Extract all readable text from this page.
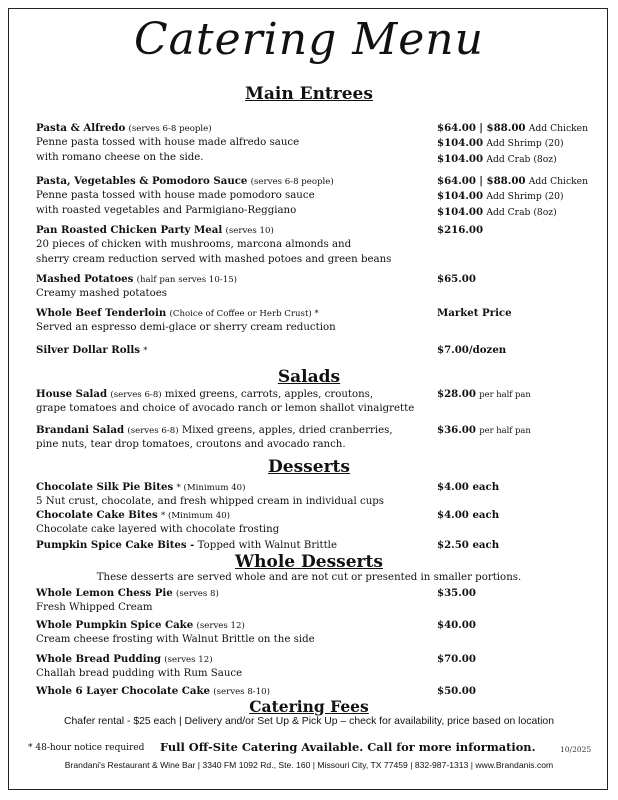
Catering Menu
Main Entrees
Pasta & Alfredo (serves 6-8 people)
Penne pasta tossed with house made alfredo sauce
with romano cheese on the side.
$64.00 | $88.00 Add Chicken
$104.00 Add Shrimp (20)
$104.00 Add Crab (8oz)
Pasta, Vegetables & Pomodoro Sauce (serves 6-8 people)
Penne pasta tossed with house made pomodoro sauce
with roasted vegetables and Parmigiano-Reggiano
$64.00 | $88.00 Add Chicken
$104.00 Add Shrimp (20)
$104.00 Add Crab (8oz)
Pan Roasted Chicken Party Meal (serves 10)
20 pieces of chicken with mushrooms, marcona almonds and
sherry cream reduction served with mashed potoes and green beans
$216.00
Mashed Potatoes (half pan serves 10-15)
Creamy mashed potatoes
$65.00
Whole Beef Tenderloin (Choice of Coffee or Herb Crust) *
Served an espresso demi-glace or sherry cream reduction
Market Price
Silver Dollar Rolls *	$7.00/dozen
Salads
House Salad (serves 6-8) mixed greens, carrots, apples, croutons,
grape tomatoes and choice of avocado ranch or lemon shallot vinaigrette
$28.00 per half pan
Brandani Salad (serves 6-8) Mixed greens, apples, dried cranberries,
pine nuts, tear drop tomatoes, croutons and avocado ranch.
$36.00 per half pan
Desserts
Chocolate Silk Pie Bites * (Minimum 40)
5 Nut crust, chocolate, and fresh whipped cream in individual cups
$4.00 each
Chocolate Cake Bites * (Minimum 40)
Chocolate cake layered with chocolate frosting
$4.00 each
Pumpkin Spice Cake Bites - Topped with Walnut Brittle	$2.50 each
Whole Desserts
These desserts are served whole and are not cut or presented in smaller portions.
Whole Lemon Chess Pie (serves 8)
Fresh Whipped Cream
$35.00
Whole Pumpkin Spice Cake (serves 12)
Cream cheese frosting with Walnut Brittle on the side
$40.00
Whole Bread Pudding (serves 12)
Challah bread pudding with Rum Sauce
$70.00
Whole 6 Layer Chocolate Cake (serves 8-10)	$50.00
Catering Fees
Chafer rental - $25 each | Delivery and/or Set Up & Pick Up – check for availability, price based on location
* 48-hour notice required Full Off-Site Catering Available. Call for more information.	10/2025
Brandani's Restaurant & Wine Bar | 3340 FM 1092 Rd., Ste. 160 | Missouri City, TX 77459 | 832-987-1313 | www.Brandanis.com
